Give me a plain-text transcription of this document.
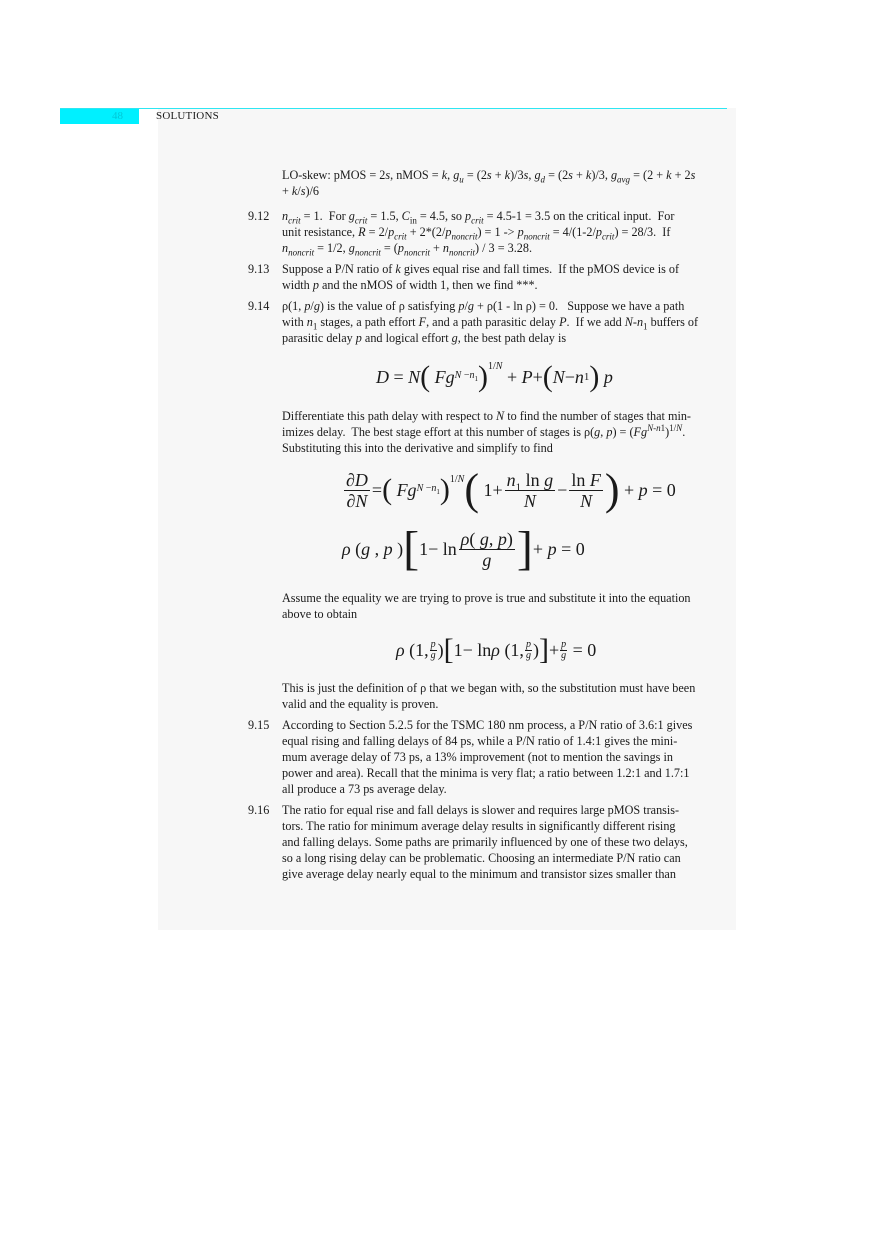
48	SOLUTIONS
LO-skew: pMOS = 2s, nMOS = k, $g_u = (2s + k)/3s$, $g_d = (2s + k)/3$, $g_{avg} = (2 + k + 2s$
+ k/s)/6
9.12 $n_{crit} = 1$.  For $g_{crit} = 1.5$, $C_{in} = 4.5$, so $p_{crit} = 4.5-1 = 3.5$ on the critical input.  For
unit resistance, $R = 2/p_{crit} + 2*(2/p_{noncrit}) = 1 -> p_{noncrit} = 4/(1-2/p_{crit}) = 28/3$.  If
$n_{noncrit} = 1/2$, $g_{noncrit} = (p_{noncrit} + n_{noncrit}) / 3 = 3.28$.
9.13 Suppose a P/N ratio of k gives equal rise and fall times.  If the pMOS device is of
width p and the nMOS of width 1, then we find ***.
9.14 ρ(1, p/g) is the value of ρ satisfying p/g + ρ(1 - ln ρ) = 0.   Suppose we have a path
with $n_1$ stages, a path effort F, and a path parasitic delay P.  If we add $N-n_1$ buffers of
parasitic delay p and logical effort g, the best path delay is
D = N (
Fg $N -n_1$ )$^{1/N}$
+ P + ( N − n 1 )
p
Differentiate this path delay with respect to N to find the number of stages that min-
imizes delay.  The best stage effort at this number of stages is ρ(g, $p) = (Fg^{N-n1})^{1/N}$.
Substituting this into the derivative and simplify to find
$\frac{\partial D}{\partial N}$ = (
Fg $N -n_1$ )$^{1/N}$ ( $1+ \frac{n_1 \ln g}{N} - \frac{\text{ln F}}{N}$ ) + p = 0
ρ ( g , p ) [ $1- \ln \frac{\rho( g, p)}{g}$ ] + p = 0
Assume the equality we are trying to prove is true and substitute it into the equation
above to obtain
ρ (1, $\frac{p}{g}$ ) [ 1− ln ρ (1, $\frac{p}{g}$ ) ] + $\frac{p}{g} = 0$
This is just the definition of ρ that we began with, so the substitution must have been
valid and the equality is proven.
9.15 According to Section 5.2.5 for the TSMC 180 nm process, a P/N ratio of 3.6:1 gives
equal rising and falling delays of 84 ps, while a P/N ratio of 1.4:1 gives the mini-
mum average delay of 73 ps, a 13% improvement (not to mention the savings in
power and area). Recall that the minima is very flat; a ratio between 1.2:1 and 1.7:1
all produce a 73 ps average delay.
9.16 The ratio for equal rise and fall delays is slower and requires large pMOS transis-
tors. The ratio for minimum average delay results in significantly different rising
and falling delays. Some paths are primarily influenced by one of these two delays,
so a long rising delay can be problematic. Choosing an intermediate P/N ratio can
give average delay nearly equal to the minimum and transistor sizes smaller than
